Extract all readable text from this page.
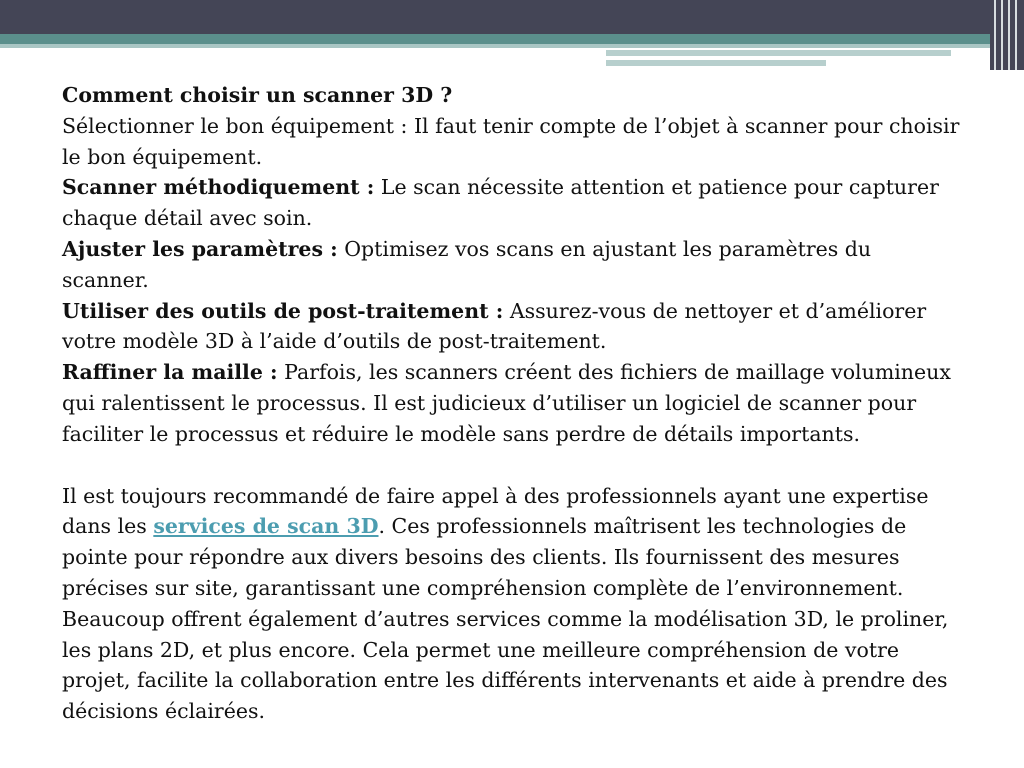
Comment choisir un scanner 3D ?

Sélectionner le bon équipement : Il faut tenir compte de l’objet à scanner pour choisir le bon équipement.

Scanner méthodiquement : Le scan nécessite attention et patience pour capturer chaque détail avec soin.

Ajuster les paramètres : Optimisez vos scans en ajustant les paramètres du scanner.

Utiliser des outils de post-traitement : Assurez-vous de nettoyer et d’améliorer votre modèle 3D à l’aide d’outils de post-traitement.

Raffiner la maille : Parfois, les scanners créent des fichiers de maillage volumineux qui ralentissent le processus. Il est judicieux d’utiliser un logiciel de scanner pour faciliter le processus et réduire le modèle sans perdre de détails importants.

Il est toujours recommandé de faire appel à des professionnels ayant une expertise dans les services de scan 3D. Ces professionnels maîtrisent les technologies de pointe pour répondre aux divers besoins des clients. Ils fournissent des mesures précises sur site, garantissant une compréhension complète de l’environnement. Beaucoup offrent également d’autres services comme la modélisation 3D, le proliner, les plans 2D, et plus encore. Cela permet une meilleure compréhension de votre projet, facilite la collaboration entre les différents intervenants et aide à prendre des décisions éclairées.
